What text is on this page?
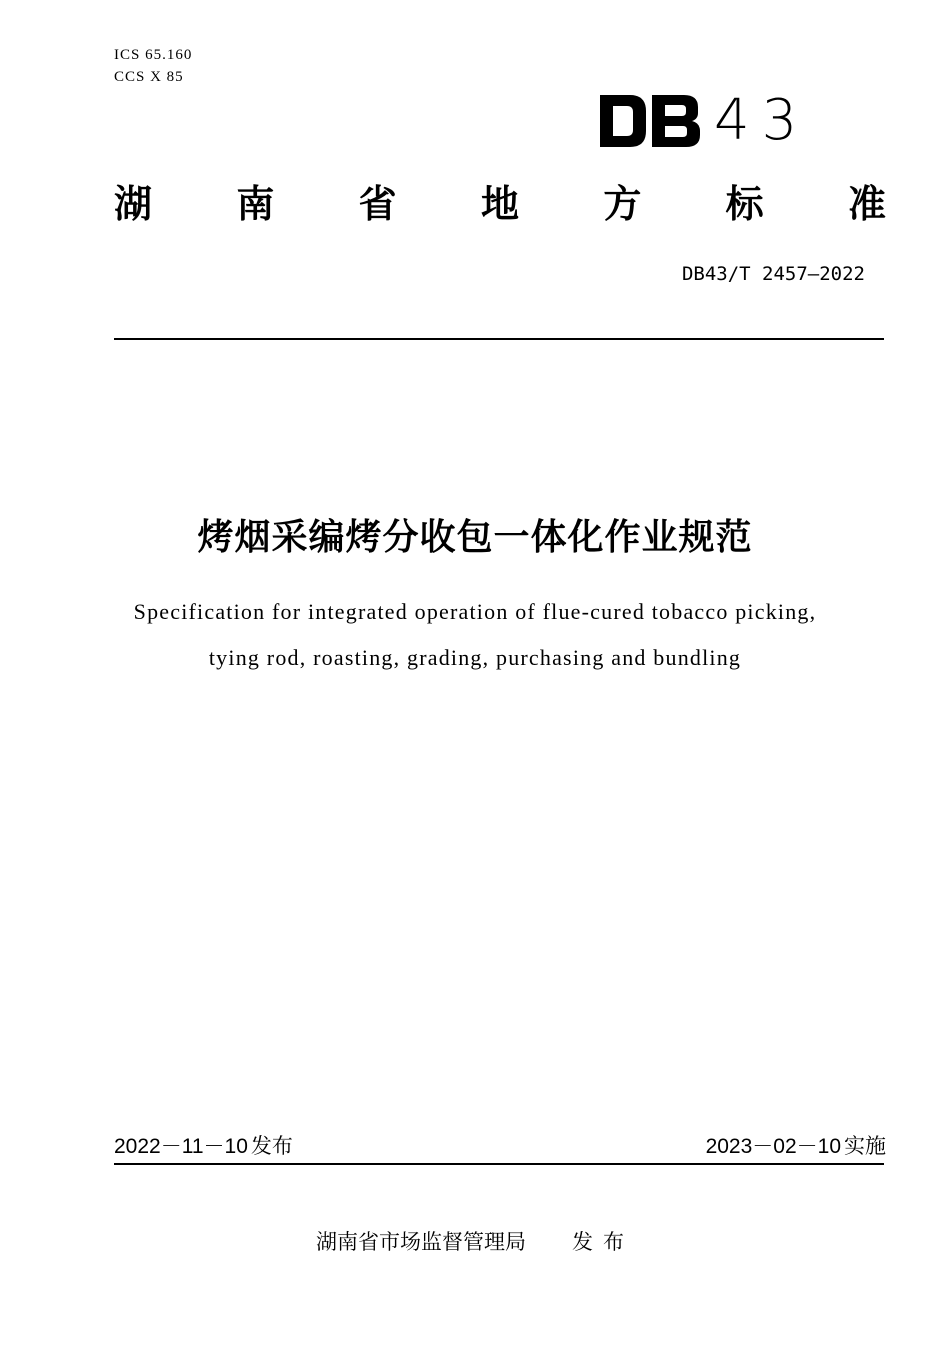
ICS 65.160
CCS X 85
43
湖 南 省 地 方 标 准
DB43/T 2457—2022
烤烟采编烤分收包一体化作业规范
Specification for integrated operation of flue-cured tobacco picking,
tying rod, roasting, grading, purchasing and bundling
2022－11－10 发布	2023－02－10 实施
湖南省市场监督管理局 发布
